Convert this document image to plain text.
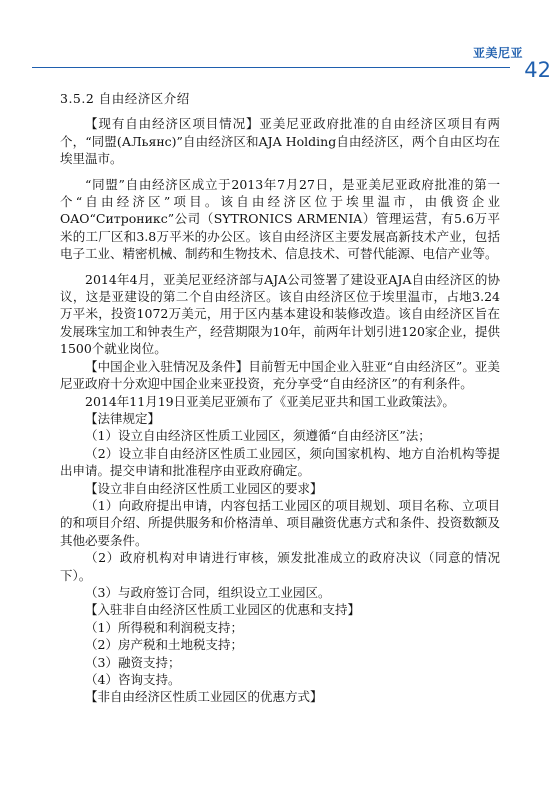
亚美尼亚
42
3.5.2 自由经济区介绍

【现有自由经济区项目情况】亚美尼亚政府批准的自由经济区项目有两个，“同盟(АЛьянс)”自由经济区和AJA Holding自由经济区，两个自由区均在埃里温市。

“同盟”自由经济区成立于2013年7月27日，是亚美尼亚政府批准的第一个“自由经济区”项目。该自由经济区位于埃里温市，由俄资企业OAO“Ситроникс”公司（SYTRONICS ARMENIA）管理运营，有5.6万平米的工厂区和3.8万平米的办公区。该自由经济区主要发展高新技术产业，包括电子工业、精密机械、制药和生物技术、信息技术、可替代能源、电信产业等。

2014年4月，亚美尼亚经济部与AJA公司签署了建设亚AJA自由经济区的协议，这是亚建设的第二个自由经济区。该自由经济区位于埃里温市，占地3.24万平米，投资1072万美元，用于区内基本建设和装修改造。该自由经济区旨在发展珠宝加工和钟表生产，经营期限为10年，前两年计划引进120家企业，提供1500个就业岗位。

【中国企业入驻情况及条件】目前暂无中国企业入驻亚“自由经济区”。亚美尼亚政府十分欢迎中国企业来亚投资，充分享受“自由经济区”的有利条件。

2014年11月19日亚美尼亚颁布了《亚美尼亚共和国工业政策法》。

【法律规定】

（1）设立自由经济区性质工业园区，须遵循“自由经济区”法；

（2）设立非自由经济区性质工业园区，须向国家机构、地方自治机构等提出申请。提交申请和批准程序由亚政府确定。

【设立非自由经济区性质工业园区的要求】

（1）向政府提出申请，内容包括工业园区的项目规划、项目名称、立项目的和项目介绍、所提供服务和价格清单、项目融资优惠方式和条件、投资数额及其他必要条件。

（2）政府机构对申请进行审核，颁发批准成立的政府决议（同意的情况下）。

（3）与政府签订合同，组织设立工业园区。

【入驻非自由经济区性质工业园区的优惠和支持】

（1）所得税和利润税支持；

（2）房产税和土地税支持；

（3）融资支持；

（4）咨询支持。

【非自由经济区性质工业园区的优惠方式】
